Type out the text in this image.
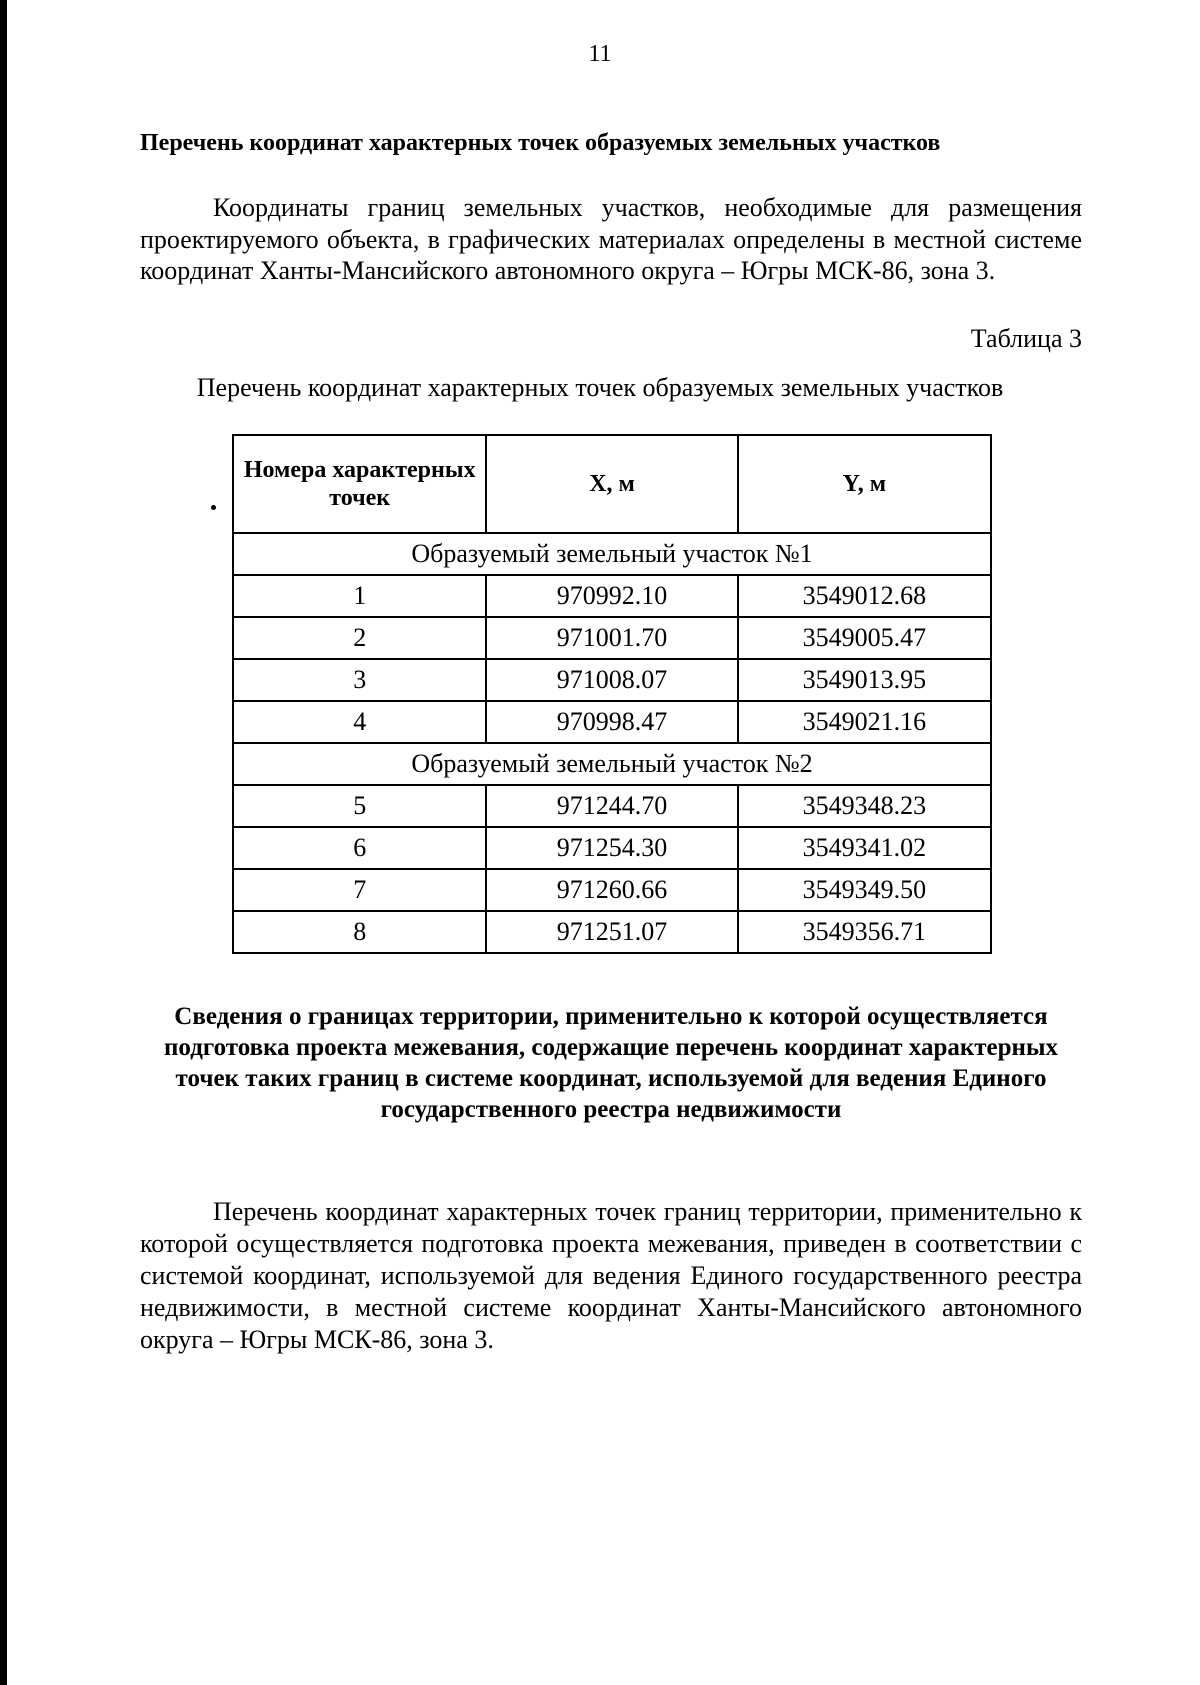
11
Перечень координат характерных точек образуемых земельных участков
Координаты границ земельных участков, необходимые для размещения проектируемого объекта, в графических материалах определены в местной системе координат Ханты-Мансийского автономного округа – Югры МСК-86, зона 3.
Таблица 3
Перечень координат характерных точек образуемых земельных участков
Номера характерных точек	X, м	Y, м
Образуемый земельный участок №1		
1	970992.10	3549012.68
2	971001.70	3549005.47
3	971008.07	3549013.95
4	970998.47	3549021.16
Образуемый земельный участок №2		
5	971244.70	3549348.23
6	971254.30	3549341.02
7	971260.66	3549349.50
8	971251.07	3549356.71
Сведения о границах территории, применительно к которой осуществляется подготовка проекта межевания, содержащие перечень координат характерных точек таких границ в системе координат, используемой для ведения Единого государственного реестра недвижимости
Перечень координат характерных точек границ территории, применительно к которой осуществляется подготовка проекта межевания, приведен в соответствии с системой координат, используемой для ведения Единого государственного реестра недвижимости, в местной системе координат Ханты-Мансийского автономного округа – Югры МСК-86, зона 3.
